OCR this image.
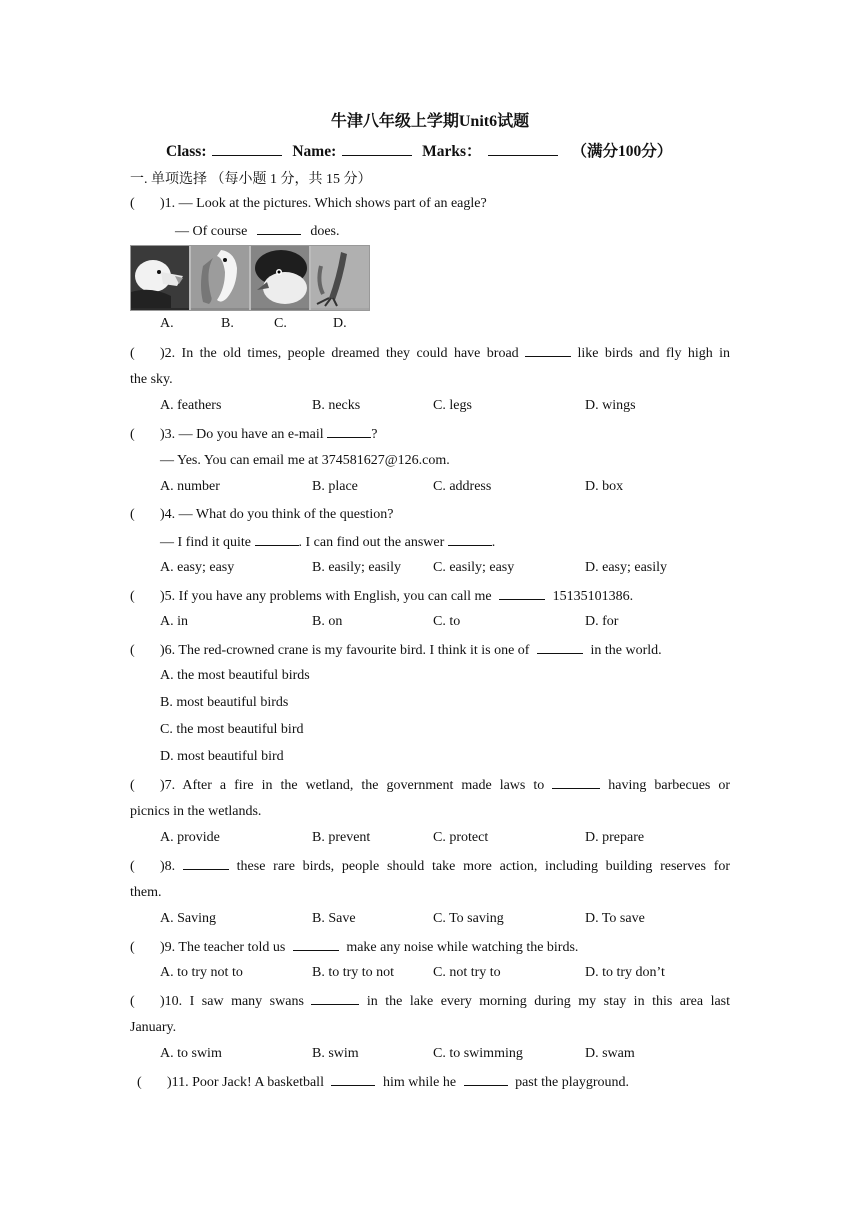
牛津八年级上学期Unit6试题
Class:	Name:	Marks：	（满分100分）
一. 单项选择 （每小题 1 分，共 15 分）
( )1. — Look at the pictures. Which shows part of an eagle?
— Of course	does.
A.	B.	C.	D.
( )2. In the old times, people dreamed they could have broad	like birds and fly high in
the sky.
A. feathers	B. necks	C. legs	D. wings
( )3. — Do you have an e-mail	?
— Yes. You can email me at 374581627@126.com.
A. number	B. place	C. address	D. box
( )4. — What do you think of the question?
— I find it quite	. I can find out the answer	.
A. easy; easy	B. easily; easily C. easily; easy	D. easy; easily
( )5. If you have any problems with English, you can call me	15135101386.
A. in	B. on	C. to	D. for
( )6. The red-crowned crane is my favourite bird. I think it is one of	in the world.
A. the most beautiful birds
B. most beautiful birds
C. the most beautiful bird
D. most beautiful bird
( )7. After a fire in the wetland, the government made laws to	having barbecues or
picnics in the wetlands.
A. provide	B. prevent	C. protect	D. prepare
( )8.	these rare birds, people should take more action, including building reserves for
them.
A. Saving	B. Save	C. To saving	D. To save
( )9. The teacher told us	make any noise while watching the birds.
A. to try not to	B. to try to not	C. not try to	D. to try don’t
( )10. I saw many swans	in the lake every morning during my stay in this area last
January.
A. to swim	B. swim	C. to swimming	D. swam
( )11. Poor Jack! A basketball	him while he	past the playground.
